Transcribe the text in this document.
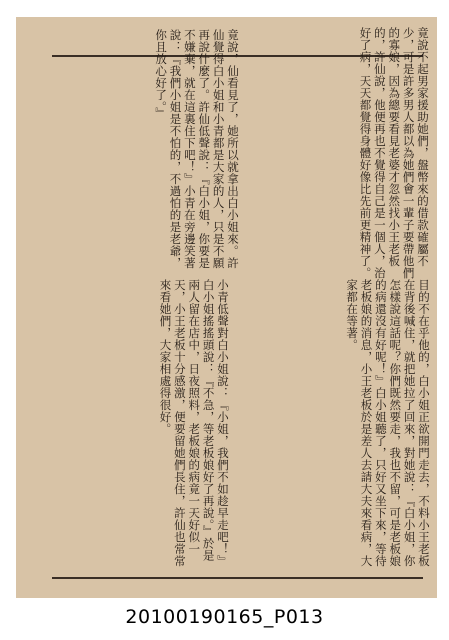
竟說不起男家援助她們，盤幣來的借款確屬不少，可是許多男人都以為她們會一輩子要帶他們的寡娘，因為總要看見老婆才忽然找小王老板的，許仙說，他便再也不覺得自己是一個人，治好了病，天天都覺得身體好像比先前更精神了。
竟說，仙看見了，她所以就拿出白小姐來。許仙覺得白小姐和小青都是大家的人，只是不願再說什麼了。許仙低聲說：『白小姐，你要是不嫌棄，就在這裏住下吧！』小青在旁邊笑著說：『我們小姐是不怕的，不過怕的是老爺，你且放心好了。』
目的不在乎他的，白小姐正欲開門走去，不料小王老板在背後喊住，就把她拉了回來，對她說：『白小姐，你怎樣說這話呢？你們既然要走，我也不留，可是老板娘的病還沒有好呢！』白小姐聽了，只好又坐下來，等待老板娘的消息，小王老板於是差人去請大夫來看病，大家都在等著。
小青低聲對白小姐說：『小姐，我們不如趁早走吧！』白小姐搖搖頭說：『不急，等老板娘好了再說。』於是兩人留在店中，日夜照料，老板娘的病竟一天好似一天，小王老板十分感激，便要留她們長住，許仙也常常來看她們，大家相處得很好。
20100190165_P013
